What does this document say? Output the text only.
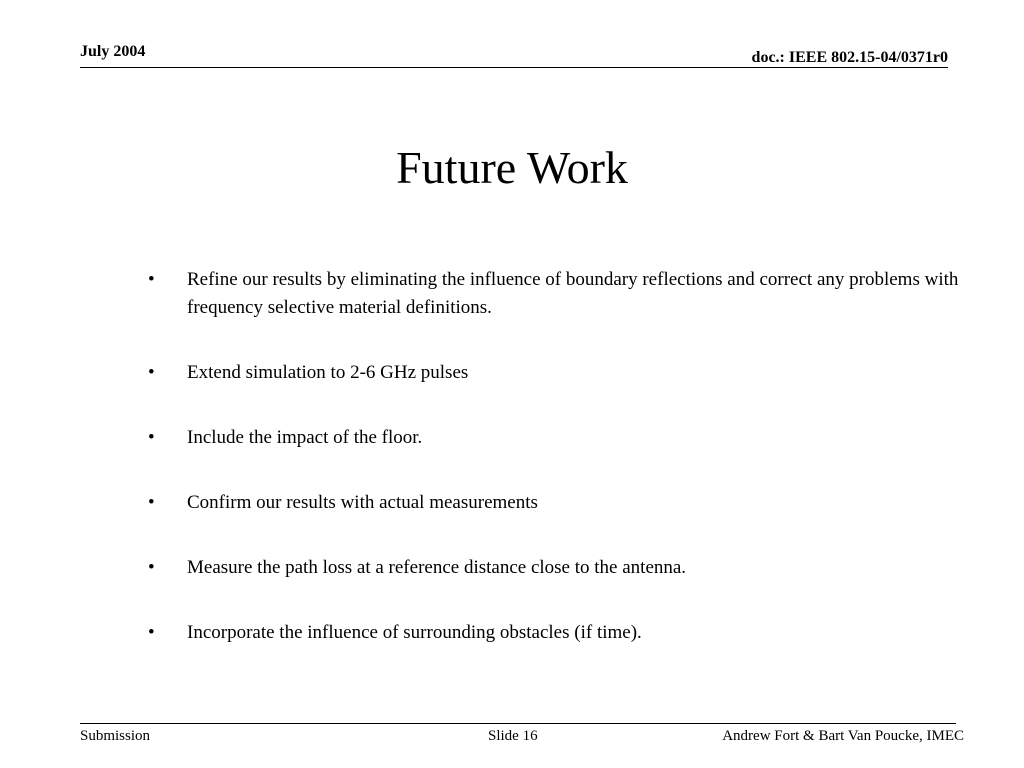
July 2004	doc.: IEEE 802.15-04/0371r0
Future Work
• Refine our results by eliminating the influence of boundary reflections and correct any problems with frequency selective material definitions.
• Extend simulation to 2-6 GHz pulses
• Include the impact of the floor.
• Confirm our results with actual measurements
• Measure the path loss at a reference distance close to the antenna.
• Incorporate the influence of surrounding obstacles (if time).
Submission	Slide 16	Andrew Fort & Bart Van Poucke, IMEC
